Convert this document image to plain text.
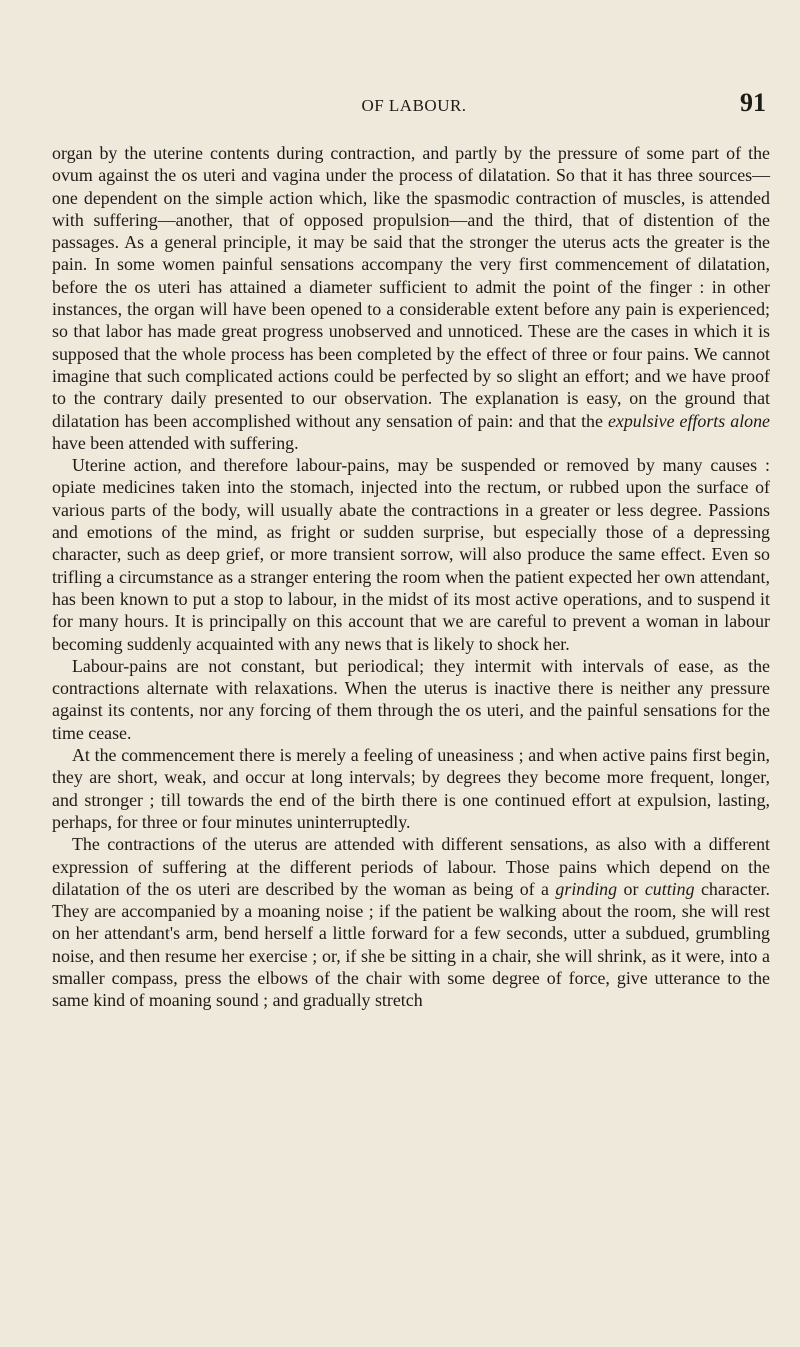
OF LABOUR.	91

organ by the uterine contents during contraction, and partly by the pressure of some part of the ovum against the os uteri and vagina under the process of dilatation. So that it has three sources—one dependent on the simple action which, like the spasmodic contraction of muscles, is attended with suffering—another, that of opposed propulsion—and the third, that of distention of the passages. As a general principle, it may be said that the stronger the uterus acts the greater is the pain. In some women painful sensations accompany the very first commencement of dilatation, before the os uteri has attained a diameter sufficient to admit the point of the finger : in other instances, the organ will have been opened to a considerable extent before any pain is experienced; so that labor has made great progress unobserved and unnoticed. These are the cases in which it is supposed that the whole process has been completed by the effect of three or four pains. We cannot imagine that such complicated actions could be perfected by so slight an effort; and we have proof to the contrary daily presented to our observation. The explanation is easy, on the ground that dilatation has been accomplished without any sensation of pain: and that the expulsive efforts alone have been attended with suffering.

Uterine action, and therefore labour-pains, may be suspended or removed by many causes : opiate medicines taken into the stomach, injected into the rectum, or rubbed upon the surface of various parts of the body, will usually abate the contractions in a greater or less degree. Passions and emotions of the mind, as fright or sudden surprise, but especially those of a depressing character, such as deep grief, or more transient sorrow, will also produce the same effect. Even so trifling a circumstance as a stranger entering the room when the patient expected her own attendant, has been known to put a stop to labour, in the midst of its most active operations, and to suspend it for many hours. It is principally on this account that we are careful to prevent a woman in labour becoming suddenly acquainted with any news that is likely to shock her.

Labour-pains are not constant, but periodical; they intermit with intervals of ease, as the contractions alternate with relaxations. When the uterus is inactive there is neither any pressure against its contents, nor any forcing of them through the os uteri, and the painful sensations for the time cease.

At the commencement there is merely a feeling of uneasiness ; and when active pains first begin, they are short, weak, and occur at long intervals; by degrees they become more frequent, longer, and stronger ; till towards the end of the birth there is one continued effort at expulsion, lasting, perhaps, for three or four minutes uninterruptedly.

The contractions of the uterus are attended with different sensations, as also with a different expression of suffering at the different periods of labour. Those pains which depend on the dilatation of the os uteri are described by the woman as being of a grinding or cutting character. They are accompanied by a moaning noise ; if the patient be walking about the room, she will rest on her attendant's arm, bend herself a little forward for a few seconds, utter a subdued, grumbling noise, and then resume her exercise ; or, if she be sitting in a chair, she will shrink, as it were, into a smaller compass, press the elbows of the chair with some degree of force, give utterance to the same kind of moaning sound ; and gradually stretch
